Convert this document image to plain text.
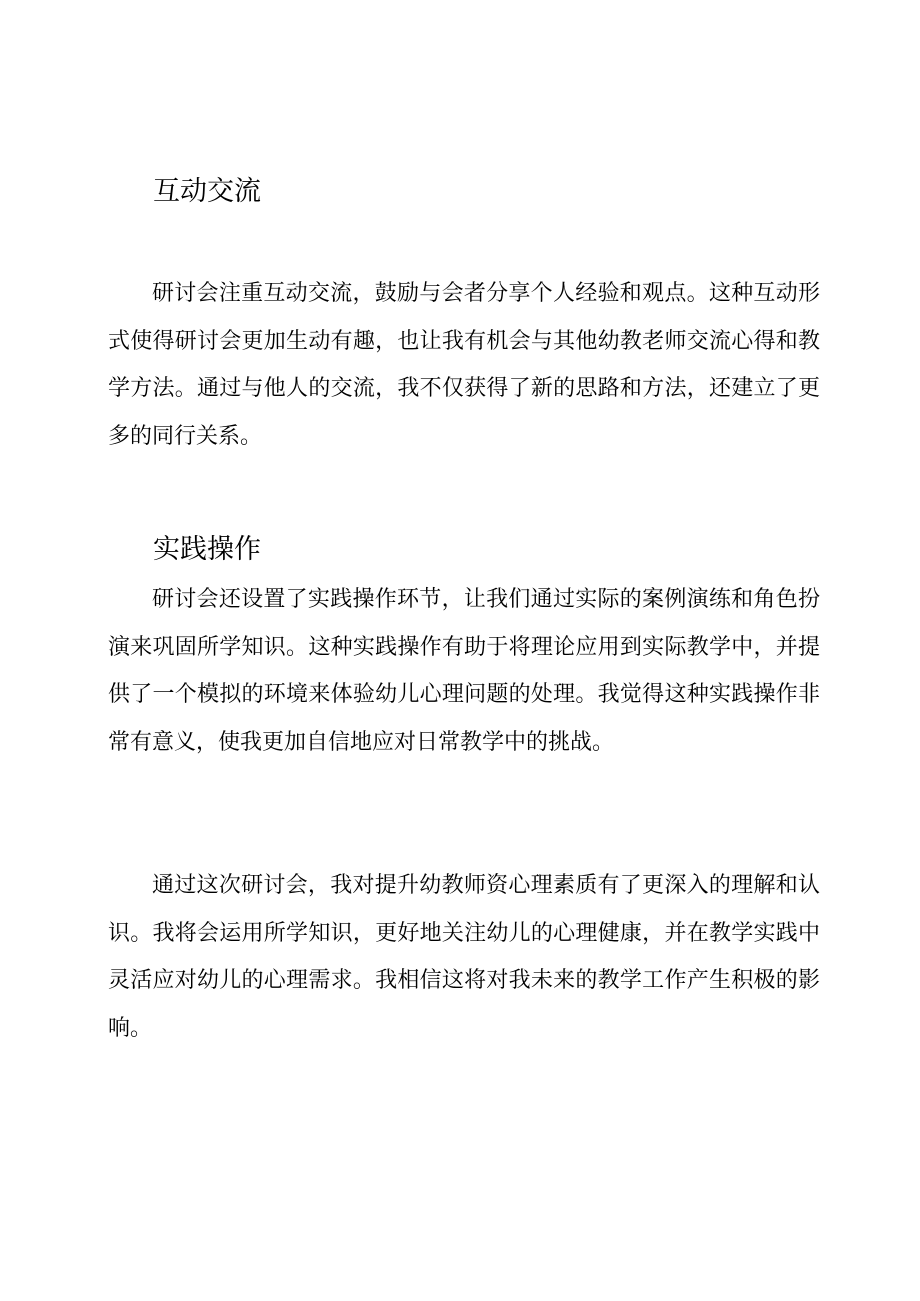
互动交流

研讨会注重互动交流，鼓励与会者分享个人经验和观点。这种互动形式使得研讨会更加生动有趣，也让我有机会与其他幼教老师交流心得和教学方法。通过与他人的交流，我不仅获得了新的思路和方法，还建立了更多的同行关系。

实践操作

研讨会还设置了实践操作环节，让我们通过实际的案例演练和角色扮演来巩固所学知识。这种实践操作有助于将理论应用到实际教学中，并提供了一个模拟的环境来体验幼儿心理问题的处理。我觉得这种实践操作非常有意义，使我更加自信地应对日常教学中的挑战。

通过这次研讨会，我对提升幼教师资心理素质有了更深入的理解和认识。我将会运用所学知识，更好地关注幼儿的心理健康，并在教学实践中灵活应对幼儿的心理需求。我相信这将对我未来的教学工作产生积极的影响。
